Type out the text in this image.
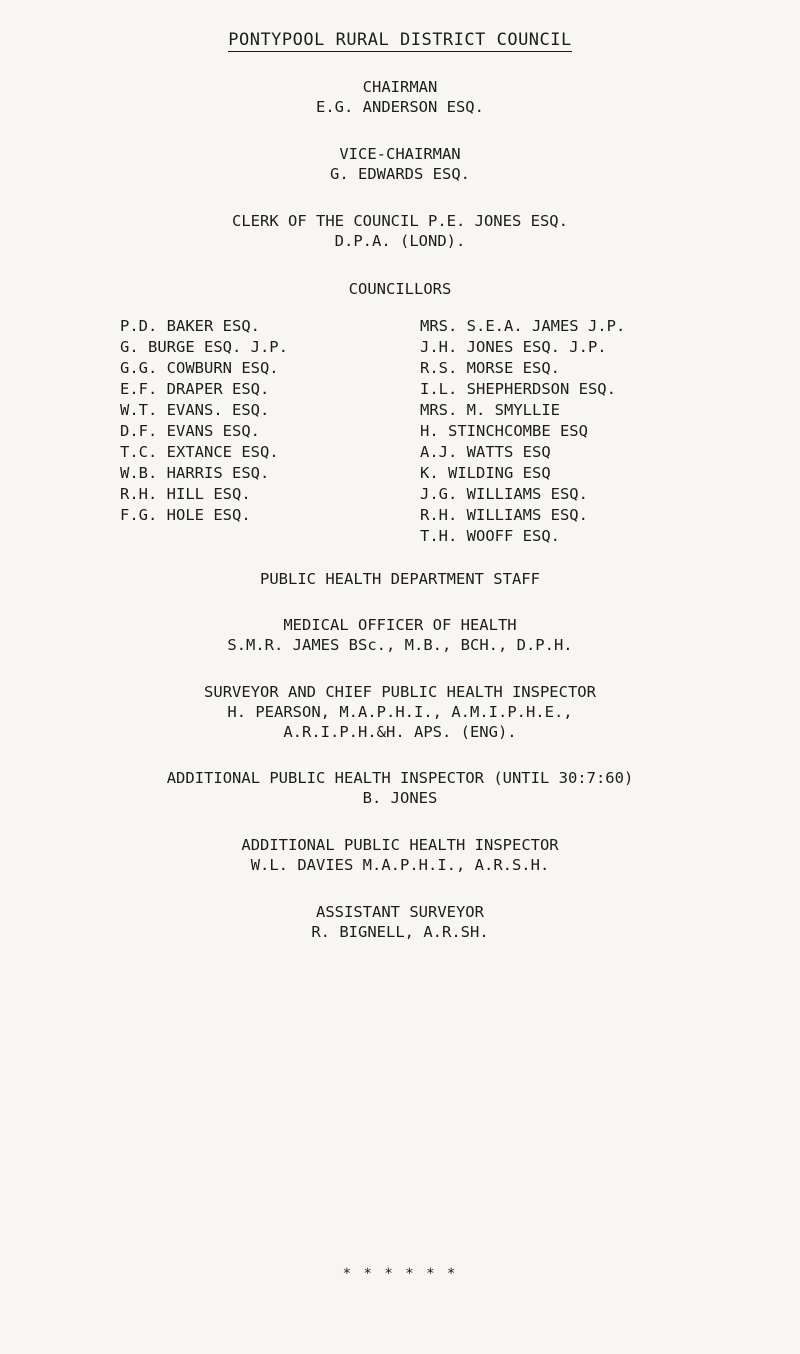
PONTYPOOL RURAL DISTRICT COUNCIL
CHAIRMAN
E.G. ANDERSON ESQ.
VICE-CHAIRMAN
G. EDWARDS ESQ.
CLERK OF THE COUNCIL P.E. JONES ESQ.
D.P.A. (LOND).
COUNCILLORS
P.D. BAKER ESQ.
G. BURGE ESQ. J.P.
G.G. COWBURN ESQ.
E.F. DRAPER ESQ.
W.T. EVANS. ESQ.
D.F. EVANS ESQ.
T.C. EXTANCE ESQ.
W.B. HARRIS ESQ.
R.H. HILL ESQ.
F.G. HOLE ESQ.
MRS. S.E.A. JAMES J.P.
J.H. JONES ESQ. J.P.
R.S. MORSE ESQ.
I.L. SHEPHERDSON ESQ.
MRS. M. SMYLLIE
H. STINCHCOMBE ESQ
A.J. WATTS ESQ
K. WILDING ESQ
J.G. WILLIAMS ESQ.
R.H. WILLIAMS ESQ.
T.H. WOOFF ESQ.
PUBLIC HEALTH DEPARTMENT STAFF
MEDICAL OFFICER OF HEALTH
S.M.R. JAMES BSc., M.B., BCH., D.P.H.
SURVEYOR AND CHIEF PUBLIC HEALTH INSPECTOR
H. PEARSON, M.A.P.H.I., A.M.I.P.H.E.,
A.R.I.P.H.&H. APS. (ENG).
ADDITIONAL PUBLIC HEALTH INSPECTOR (UNTIL 30:7:60)
B. JONES
ADDITIONAL PUBLIC HEALTH INSPECTOR
W.L. DAVIES M.A.P.H.I., A.R.S.H.
ASSISTANT SURVEYOR
R. BIGNELL, A.R.SH.
* * * * * *
